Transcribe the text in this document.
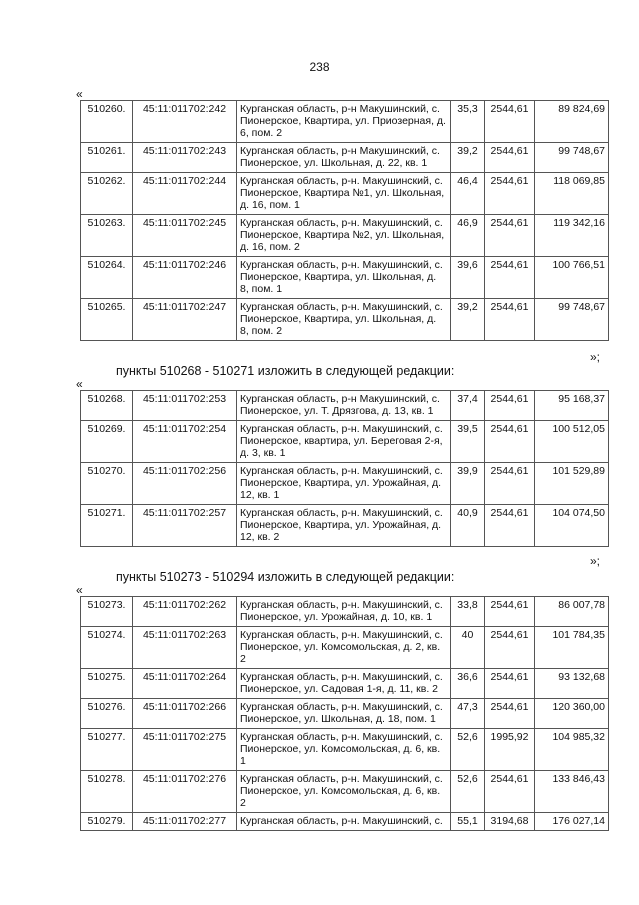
238
«
510260.	45:11:011702:242	Курганская область, р-н Макушинский, с. Пионерское, Квартира, ул. Приозерная, д. 6, пом. 2	35,3	2544,61	89 824,69
510261.	45:11:011702:243	Курганская область, р-н Макушинский, с. Пионерское, ул. Школьная, д. 22, кв. 1	39,2	2544,61	99 748,67
510262.	45:11:011702:244	Курганская область, р-н. Макушинский, с. Пионерское, Квартира №1, ул. Школьная, д. 16, пом. 1	46,4	2544,61	118 069,85
510263.	45:11:011702:245	Курганская область, р-н. Макушинский, с. Пионерское, Квартира №2, ул. Школьная, д. 16, пом. 2	46,9	2544,61	119 342,16
510264.	45:11:011702:246	Курганская область, р-н. Макушинский, с. Пионерское, Квартира, ул. Школьная, д. 8, пом. 1	39,6	2544,61	100 766,51
510265.	45:11:011702:247	Курганская область, р-н. Макушинский, с. Пионерское, Квартира, ул. Школьная, д. 8, пом. 2	39,2	2544,61	99 748,67
»;
пункты 510268 - 510271 изложить в следующей редакции:
«
510268.	45:11:011702:253	Курганская область, р-н Макушинский, с. Пионерское, ул. Т. Дрязгова, д. 13, кв. 1	37,4	2544,61	95 168,37
510269.	45:11:011702:254	Курганская область, р-н. Макушинский, с. Пионерское, квартира, ул. Береговая 2-я, д. 3, кв. 1	39,5	2544,61	100 512,05
510270.	45:11:011702:256	Курганская область, р-н. Макушинский, с. Пионерское, Квартира, ул. Урожайная, д. 12, кв. 1	39,9	2544,61	101 529,89
510271.	45:11:011702:257	Курганская область, р-н. Макушинский, с. Пионерское, Квартира, ул. Урожайная, д. 12, кв. 2	40,9	2544,61	104 074,50
»;
пункты 510273 - 510294 изложить в следующей редакции:
«
510273.	45:11:011702:262	Курганская область, р-н. Макушинский, с. Пионерское, ул. Урожайная, д. 10, кв. 1	33,8	2544,61	86 007,78
510274.	45:11:011702:263	Курганская область, р-н. Макушинский, с. Пионерское, ул. Комсомольская, д. 2, кв. 2	40	2544,61	101 784,35
510275.	45:11:011702:264	Курганская область, р-н. Макушинский, с. Пионерское, ул. Садовая 1-я, д. 11, кв. 2	36,6	2544,61	93 132,68
510276.	45:11:011702:266	Курганская область, р-н. Макушинский, с. Пионерское, ул. Школьная, д. 18, пом. 1	47,3	2544,61	120 360,00
510277.	45:11:011702:275	Курганская область, р-н. Макушинский, с. Пионерское, ул. Комсомольская, д. 6, кв. 1	52,6	1995,92	104 985,32
510278.	45:11:011702:276	Курганская область, р-н. Макушинский, с. Пионерское, ул. Комсомольская, д. 6, кв. 2	52,6	2544,61	133 846,43
510279.	45:11:011702:277	Курганская область, р-н. Макушинский, с.	55,1	3194,68	176 027,14
